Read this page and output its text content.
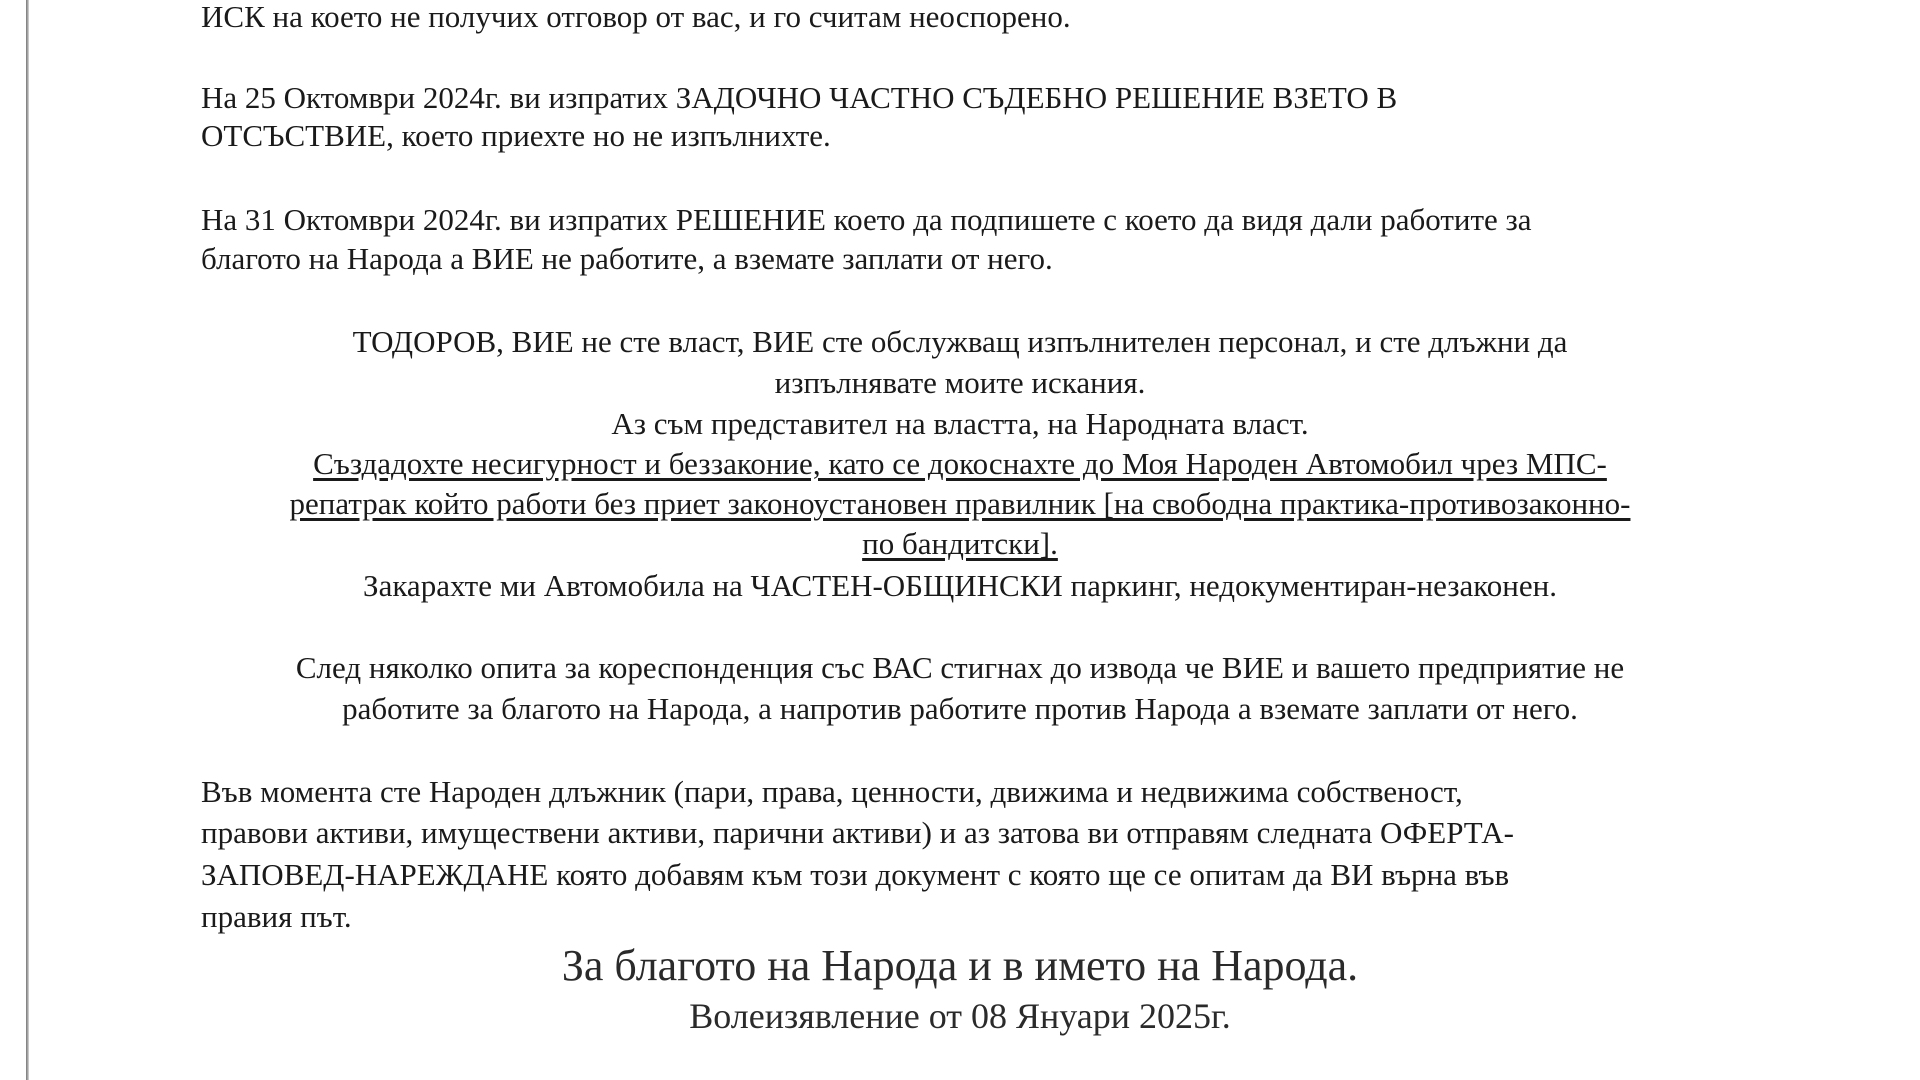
ИСК на което не получих отговор от вас, и го считам неоспорено.
На 25 Октомври 2024г. ви изпратих ЗАДОЧНО ЧАСТНО СЪДЕБНО РЕШЕНИЕ ВЗЕТО В
ОТСЪСТВИЕ, което приехте но не изпълнихте.
На 31 Октомври 2024г. ви изпратих РЕШЕНИЕ което да подпишете с което да видя дали работите за
благото на Народа а ВИЕ не работите, а вземате заплати от него.
ТОДОРОВ, ВИЕ не сте власт, ВИЕ сте обслужващ изпълнителен персонал, и сте длъжни да
изпълнявате моите искания.
Аз съм представител на властта, на Народната власт.
Създадохте несигурност и беззаконие, като се докоснахте до Моя Народен Автомобил чрез МПС-
репатрак който работи без приет законоустановен правилник [на свободна практика-противозаконно-
по бандитски].
Закарахте ми Автомобила на ЧАСТЕН-ОБЩИНСКИ паркинг, недокументиран-незаконен.
След няколко опита за кореспонденция със ВАС стигнах до извода че ВИЕ и вашето предприятие не
работите за благото на Народа, а напротив работите против Народа а вземате заплати от него.
Във момента сте Народен длъжник (пари, права, ценности, движима и недвижима собственост,
правови активи, имуществени активи, парични активи) и аз затова ви отправям следната ОФЕРТА-
ЗАПОВЕД-НАРЕЖДАНЕ която добавям към този документ с която ще се опитам да ВИ върна във
правия път.
За благото на Народа и в името на Народа.
Волеизявление от 08 Януари 2025г.
